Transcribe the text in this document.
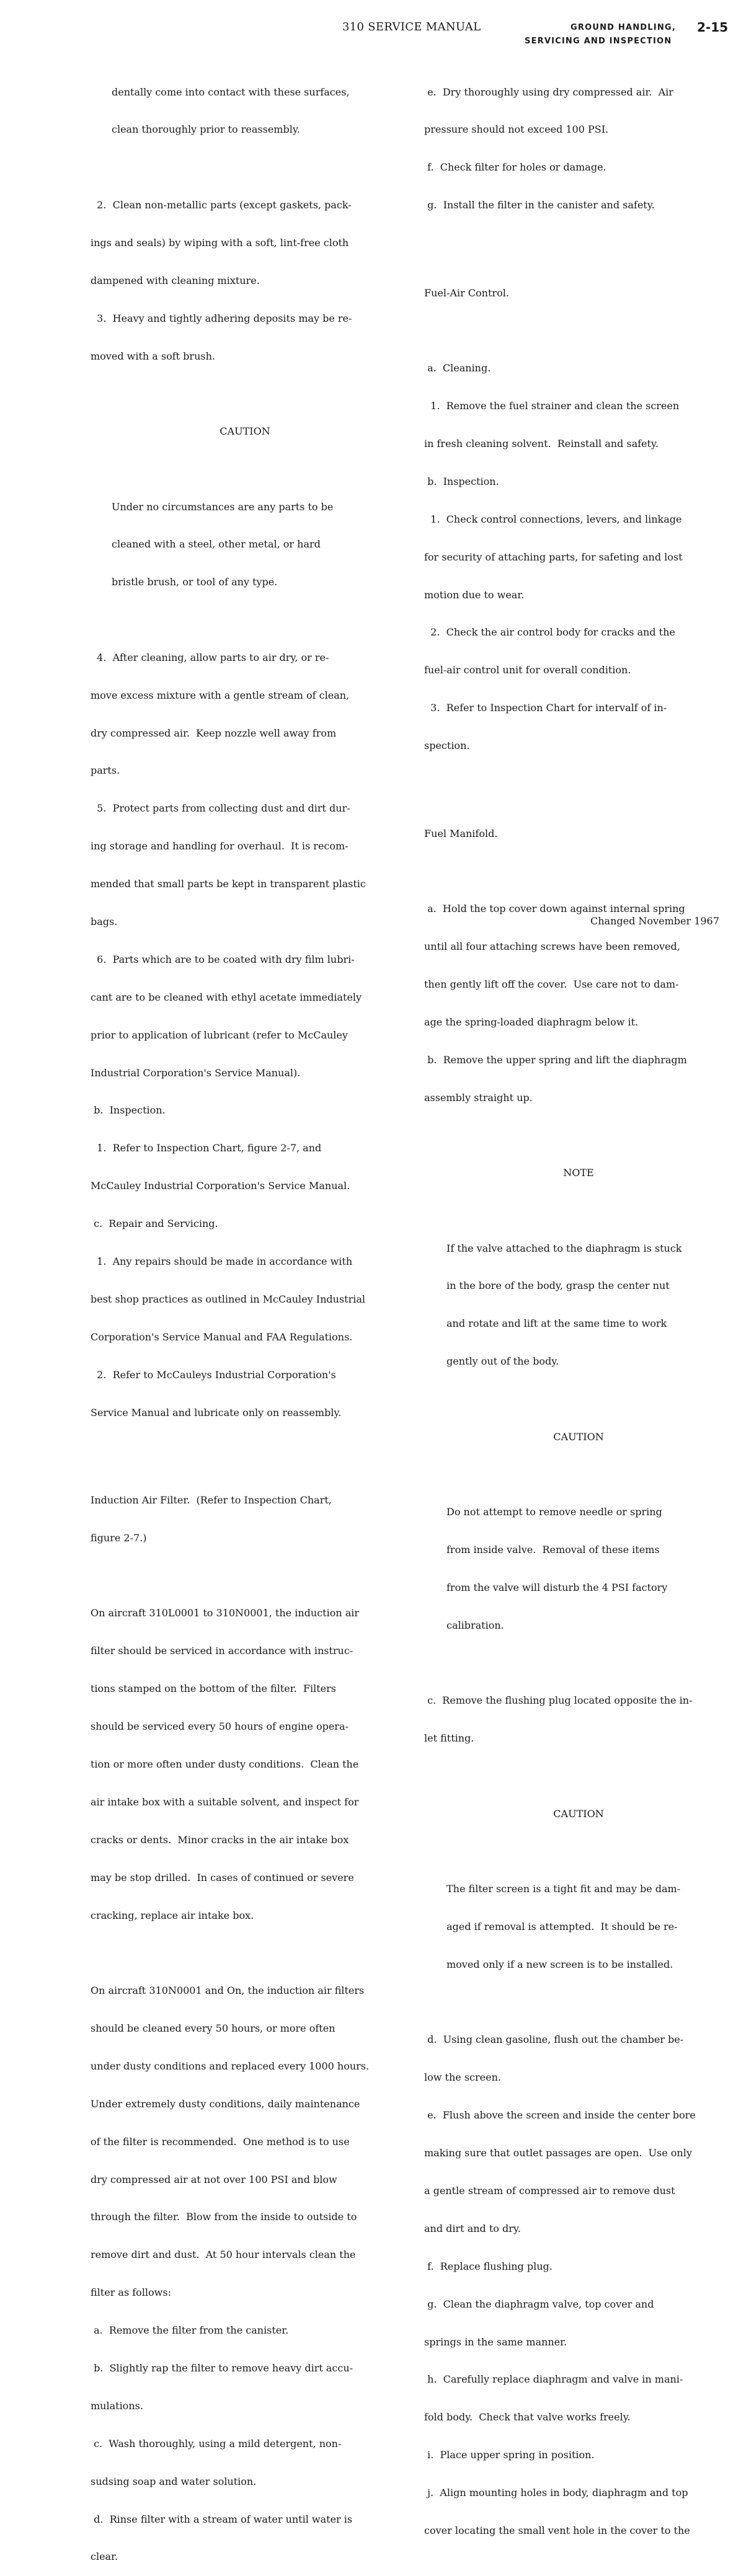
310 SERVICE MANUAL	GROUND HANDLING, 2-15
SERVICING AND INSPECTION

dentally come into contact with these surfaces,

clean thoroughly prior to reassembly.

2.  Clean non-metallic parts (except gaskets, pack-

ings and seals) by wiping with a soft, lint-free cloth

dampened with cleaning mixture.

3.  Heavy and tightly adhering deposits may be re-

moved with a soft brush.

CAUTION

Under no circumstances are any parts to be

cleaned with a steel, other metal, or hard

bristle brush, or tool of any type.

4.  After cleaning, allow parts to air dry, or re-

move excess mixture with a gentle stream of clean,

dry compressed air.  Keep nozzle well away from

parts.

5.  Protect parts from collecting dust and dirt dur-

ing storage and handling for overhaul.  It is recom-

mended that small parts be kept in transparent plastic

bags.

6.  Parts which are to be coated with dry film lubri-

cant are to be cleaned with ethyl acetate immediately

prior to application of lubricant (refer to McCauley

Industrial Corporation's Service Manual).

b.  Inspection.

1.  Refer to Inspection Chart, figure 2-7, and

McCauley Industrial Corporation's Service Manual.

c.  Repair and Servicing.

1.  Any repairs should be made in accordance with

best shop practices as outlined in McCauley Industrial

Corporation's Service Manual and FAA Regulations.

2.  Refer to McCauleys Industrial Corporation's

Service Manual and lubricate only on reassembly.

Induction Air Filter.  (Refer to Inspection Chart,

figure 2-7.)

On aircraft 310L0001 to 310N0001, the induction air

filter should be serviced in accordance with instruc-

tions stamped on the bottom of the filter.  Filters

should be serviced every 50 hours of engine opera-

tion or more often under dusty conditions.  Clean the

air intake box with a suitable solvent, and inspect for

cracks or dents.  Minor cracks in the air intake box

may be stop drilled.  In cases of continued or severe

cracking, replace air intake box.

On aircraft 310N0001 and On, the induction air filters

should be cleaned every 50 hours, or more often

under dusty conditions and replaced every 1000 hours.

Under extremely dusty conditions, daily maintenance

of the filter is recommended.  One method is to use

dry compressed air at not over 100 PSI and blow

through the filter.  Blow from the inside to outside to

remove dirt and dust.  At 50 hour intervals clean the

filter as follows:

a.  Remove the filter from the canister.

b.  Slightly rap the filter to remove heavy dirt accu-

mulations.

c.  Wash thoroughly, using a mild detergent, non-

sudsing soap and water solution.

d.  Rinse filter with a stream of water until water is

clear.

e.  Dry thoroughly using dry compressed air.  Air

pressure should not exceed 100 PSI.

f.  Check filter for holes or damage.

g.  Install the filter in the canister and safety.

Fuel-Air Control.

a.  Cleaning.

1.  Remove the fuel strainer and clean the screen

in fresh cleaning solvent.  Reinstall and safety.

b.  Inspection.

1.  Check control connections, levers, and linkage

for security of attaching parts, for safeting and lost

motion due to wear.

2.  Check the air control body for cracks and the

fuel-air control unit for overall condition.

3.  Refer to Inspection Chart for intervalf of in-

spection.

Fuel Manifold.

a.  Hold the top cover down against internal spring

until all four attaching screws have been removed,

then gently lift off the cover.  Use care not to dam-

age the spring-loaded diaphragm below it.

b.  Remove the upper spring and lift the diaphragm

assembly straight up.

NOTE

If the valve attached to the diaphragm is stuck

in the bore of the body, grasp the center nut

and rotate and lift at the same time to work

gently out of the body.

CAUTION

Do not attempt to remove needle or spring

from inside valve.  Removal of these items

from the valve will disturb the 4 PSI factory

calibration.

c.  Remove the flushing plug located opposite the in-

let fitting.

CAUTION

The filter screen is a tight fit and may be dam-

aged if removal is attempted.  It should be re-

moved only if a new screen is to be installed.

d.  Using clean gasoline, flush out the chamber be-

low the screen.

e.  Flush above the screen and inside the center bore

making sure that outlet passages are open.  Use only

a gentle stream of compressed air to remove dust

and dirt and to dry.

f.  Replace flushing plug.

g.  Clean the diaphragm valve, top cover and

springs in the same manner.

h.  Carefully replace diaphragm and valve in mani-

fold body.  Check that valve works freely.

i.  Place upper spring in position.

j.  Align mounting holes in body, diaphragm and top

cover locating the small vent hole in the cover to the

Changed November 1967
